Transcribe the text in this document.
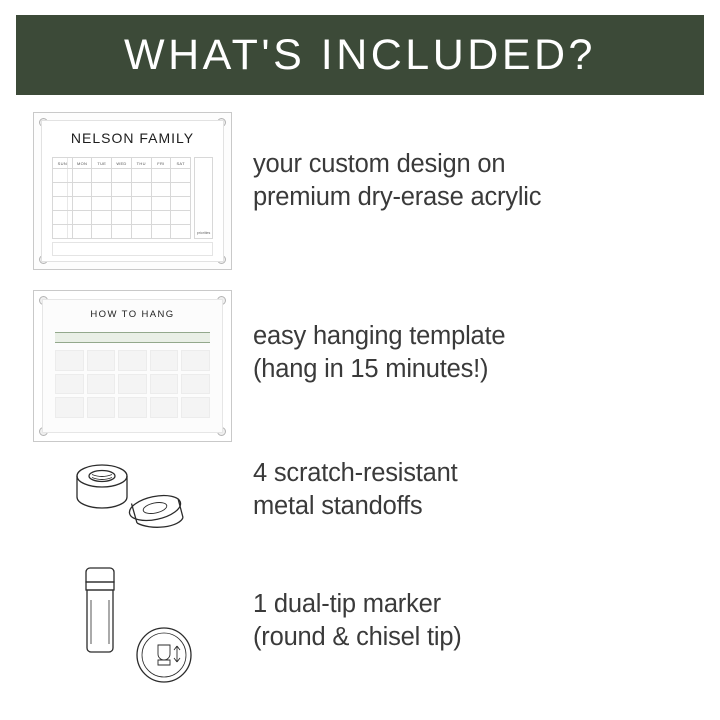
WHAT'S INCLUDED?
NELSON FAMILY
SUN	MON	TUE	WED	THU	FRI	SAT
priorities
your custom design on
premium dry-erase acrylic
HOW TO HANG
easy hanging template
(hang in 15 minutes!)
4 scratch-resistant
metal standoffs
1 dual-tip marker
(round & chisel tip)
